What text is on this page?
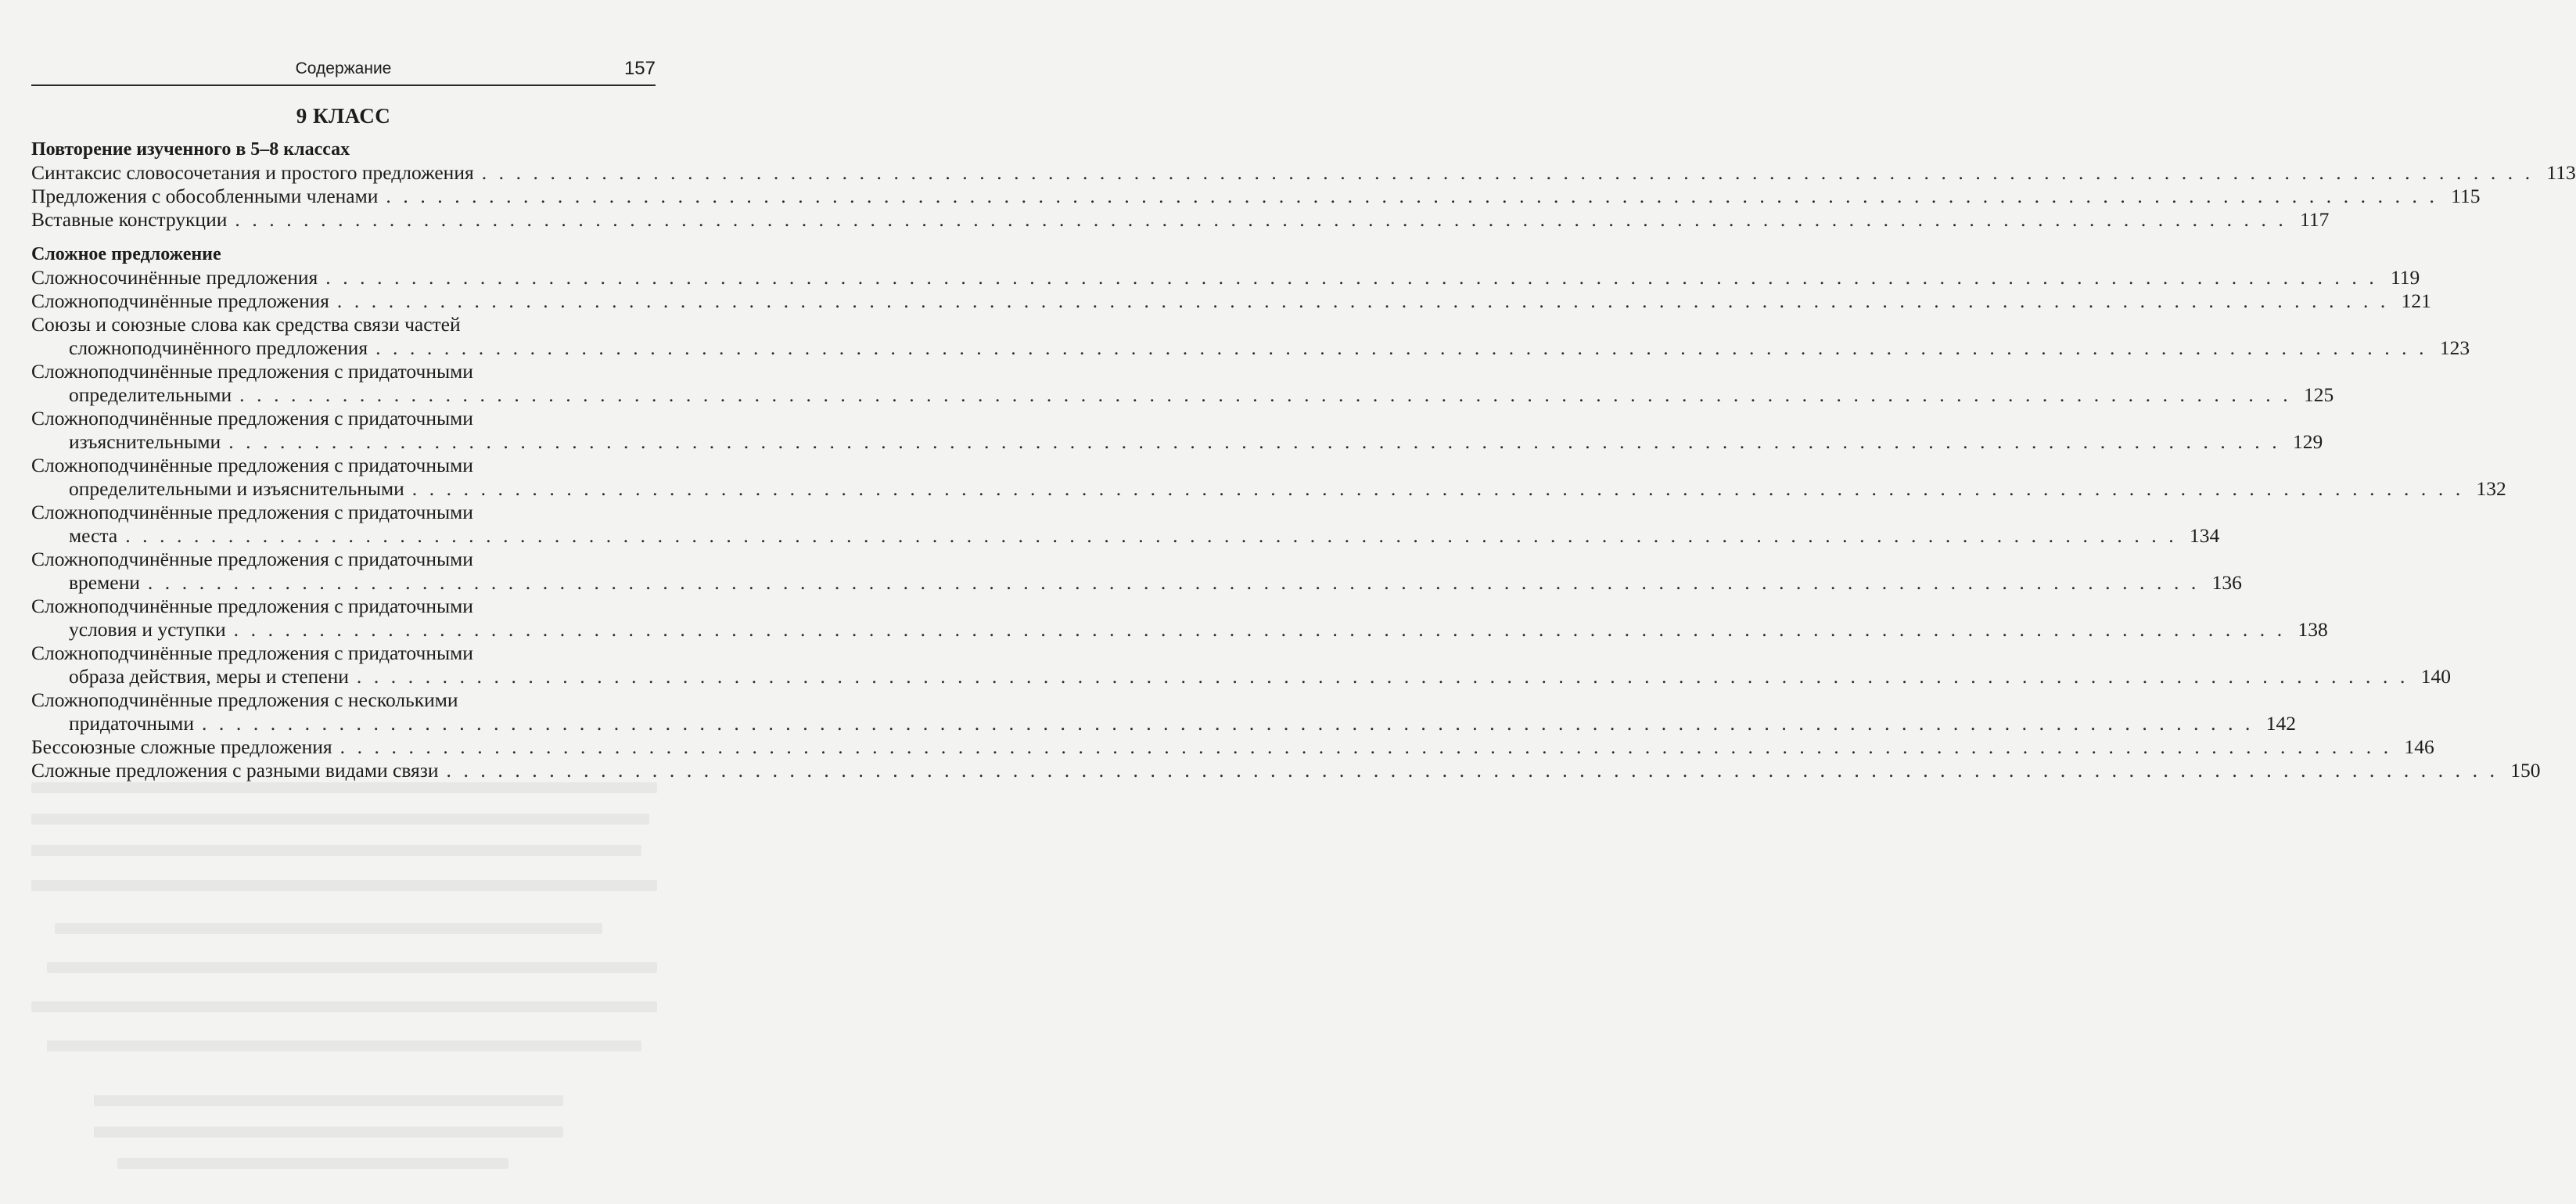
Содержание	157
9 КЛАСС
Повторение изученного в 5–8 классах
Синтаксис словосочетания и простого предложения . . . . . . . . . . . . . . . . . . . . . . . . . . . . . . . . . . . . . . . . . . . . . . . . . . . . . . . . . . . . . . . . . . . . . . . . . . . . . . . . . . . . . . . . . . . . . . . . . . . . . . . . . . . . . . . . . . . . . . . . 113
Предложения с обособленными членами . . . . . . . . . . . . . . . . . . . . . . . . . . . . . . . . . . . . . . . . . . . . . . . . . . . . . . . . . . . . . . . . . . . . . . . . . . . . . . . . . . . . . . . . . . . . . . . . . . . . . . . . . . . . . . . . . . . . . . . . 115
Вставные конструкции . . . . . . . . . . . . . . . . . . . . . . . . . . . . . . . . . . . . . . . . . . . . . . . . . . . . . . . . . . . . . . . . . . . . . . . . . . . . . . . . . . . . . . . . . . . . . . . . . . . . . . . . . . . . . . . . . . . . . . . . 117
Сложное предложение
Сложносочинённые предложения . . . . . . . . . . . . . . . . . . . . . . . . . . . . . . . . . . . . . . . . . . . . . . . . . . . . . . . . . . . . . . . . . . . . . . . . . . . . . . . . . . . . . . . . . . . . . . . . . . . . . . . . . . . . . . . . . . . . . . . . 119
Сложноподчинённые предложения . . . . . . . . . . . . . . . . . . . . . . . . . . . . . . . . . . . . . . . . . . . . . . . . . . . . . . . . . . . . . . . . . . . . . . . . . . . . . . . . . . . . . . . . . . . . . . . . . . . . . . . . . . . . . . . . . . . . . . . . 121
Союзы и союзные слова как средства связи частей
сложноподчинённого предложения . . . . . . . . . . . . . . . . . . . . . . . . . . . . . . . . . . . . . . . . . . . . . . . . . . . . . . . . . . . . . . . . . . . . . . . . . . . . . . . . . . . . . . . . . . . . . . . . . . . . . . . . . . . . . . . . . . . . . . . . 123
Сложноподчинённые предложения с придаточными
определительными . . . . . . . . . . . . . . . . . . . . . . . . . . . . . . . . . . . . . . . . . . . . . . . . . . . . . . . . . . . . . . . . . . . . . . . . . . . . . . . . . . . . . . . . . . . . . . . . . . . . . . . . . . . . . . . . . . . . . . . . 125
Сложноподчинённые предложения с придаточными
изъяснительными . . . . . . . . . . . . . . . . . . . . . . . . . . . . . . . . . . . . . . . . . . . . . . . . . . . . . . . . . . . . . . . . . . . . . . . . . . . . . . . . . . . . . . . . . . . . . . . . . . . . . . . . . . . . . . . . . . . . . . . . 129
Сложноподчинённые предложения с придаточными
определительными и изъяснительными . . . . . . . . . . . . . . . . . . . . . . . . . . . . . . . . . . . . . . . . . . . . . . . . . . . . . . . . . . . . . . . . . . . . . . . . . . . . . . . . . . . . . . . . . . . . . . . . . . . . . . . . . . . . . . . . . . . . . . . . 132
Сложноподчинённые предложения с придаточными
места . . . . . . . . . . . . . . . . . . . . . . . . . . . . . . . . . . . . . . . . . . . . . . . . . . . . . . . . . . . . . . . . . . . . . . . . . . . . . . . . . . . . . . . . . . . . . . . . . . . . . . . . . . . . . . . . . . . . . . . . 134
Сложноподчинённые предложения с придаточными
времени . . . . . . . . . . . . . . . . . . . . . . . . . . . . . . . . . . . . . . . . . . . . . . . . . . . . . . . . . . . . . . . . . . . . . . . . . . . . . . . . . . . . . . . . . . . . . . . . . . . . . . . . . . . . . . . . . . . . . . . . 136
Сложноподчинённые предложения с придаточными
условия и уступки . . . . . . . . . . . . . . . . . . . . . . . . . . . . . . . . . . . . . . . . . . . . . . . . . . . . . . . . . . . . . . . . . . . . . . . . . . . . . . . . . . . . . . . . . . . . . . . . . . . . . . . . . . . . . . . . . . . . . . . . 138
Сложноподчинённые предложения с придаточными
образа действия, меры и степени . . . . . . . . . . . . . . . . . . . . . . . . . . . . . . . . . . . . . . . . . . . . . . . . . . . . . . . . . . . . . . . . . . . . . . . . . . . . . . . . . . . . . . . . . . . . . . . . . . . . . . . . . . . . . . . . . . . . . . . . 140
Сложноподчинённые предложения с несколькими
придаточными . . . . . . . . . . . . . . . . . . . . . . . . . . . . . . . . . . . . . . . . . . . . . . . . . . . . . . . . . . . . . . . . . . . . . . . . . . . . . . . . . . . . . . . . . . . . . . . . . . . . . . . . . . . . . . . . . . . . . . . . 142
Бессоюзные сложные предложения . . . . . . . . . . . . . . . . . . . . . . . . . . . . . . . . . . . . . . . . . . . . . . . . . . . . . . . . . . . . . . . . . . . . . . . . . . . . . . . . . . . . . . . . . . . . . . . . . . . . . . . . . . . . . . . . . . . . . . . . 146
Сложные предложения с разными видами связи . . . . . . . . . . . . . . . . . . . . . . . . . . . . . . . . . . . . . . . . . . . . . . . . . . . . . . . . . . . . . . . . . . . . . . . . . . . . . . . . . . . . . . . . . . . . . . . . . . . . . . . . . . . . . . . . . . . . . . . . 150
